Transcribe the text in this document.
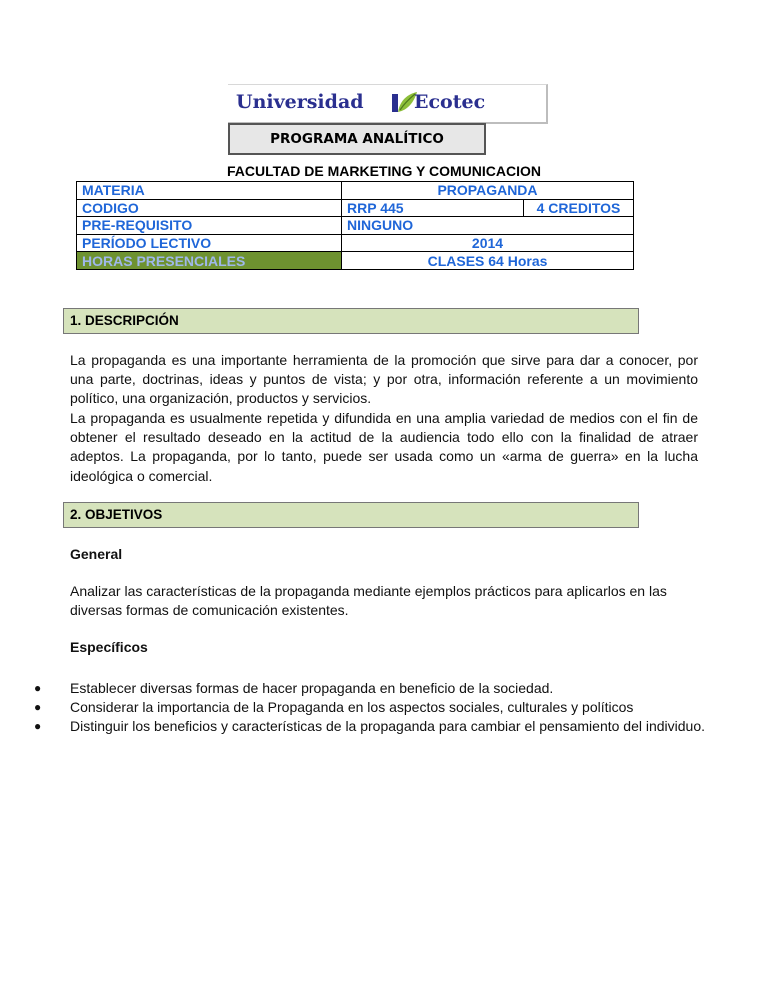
Universidad	Ecotec
PROGRAMA ANALÍTICO
FACULTAD DE MARKETING Y COMUNICACION
MATERIA	PROPAGANDA	
CODIGO	RRP 445	4 CREDITOS
PRE-REQUISITO	NINGUNO	
PERÍODO LECTIVO	2014	
HORAS PRESENCIALES	CLASES 64 Horas	
1. DESCRIPCIÓN

La propaganda es una importante herramienta de la promoción que sirve para dar a conocer, por una parte, doctrinas, ideas y puntos de vista; y por otra, información referente a un movimiento político, una organización, productos y servicios.

La propaganda es usualmente repetida y difundida en una amplia variedad de medios con el fin de obtener el resultado deseado en la actitud de la audiencia todo ello con la finalidad de atraer adeptos. La propaganda, por lo tanto, puede ser usada como un «arma de guerra» en la lucha ideológica o comercial.

2. OBJETIVOS
General

Analizar las características de la propaganda mediante ejemplos prácticos para aplicarlos en las diversas formas de comunicación existentes.

Específicos
● Establecer diversas formas de hacer propaganda en beneficio de la sociedad.
● Considerar la importancia de la Propaganda en los aspectos sociales, culturales y políticos
● Distinguir los beneficios y características de la propaganda para cambiar el pensamiento del individuo.
